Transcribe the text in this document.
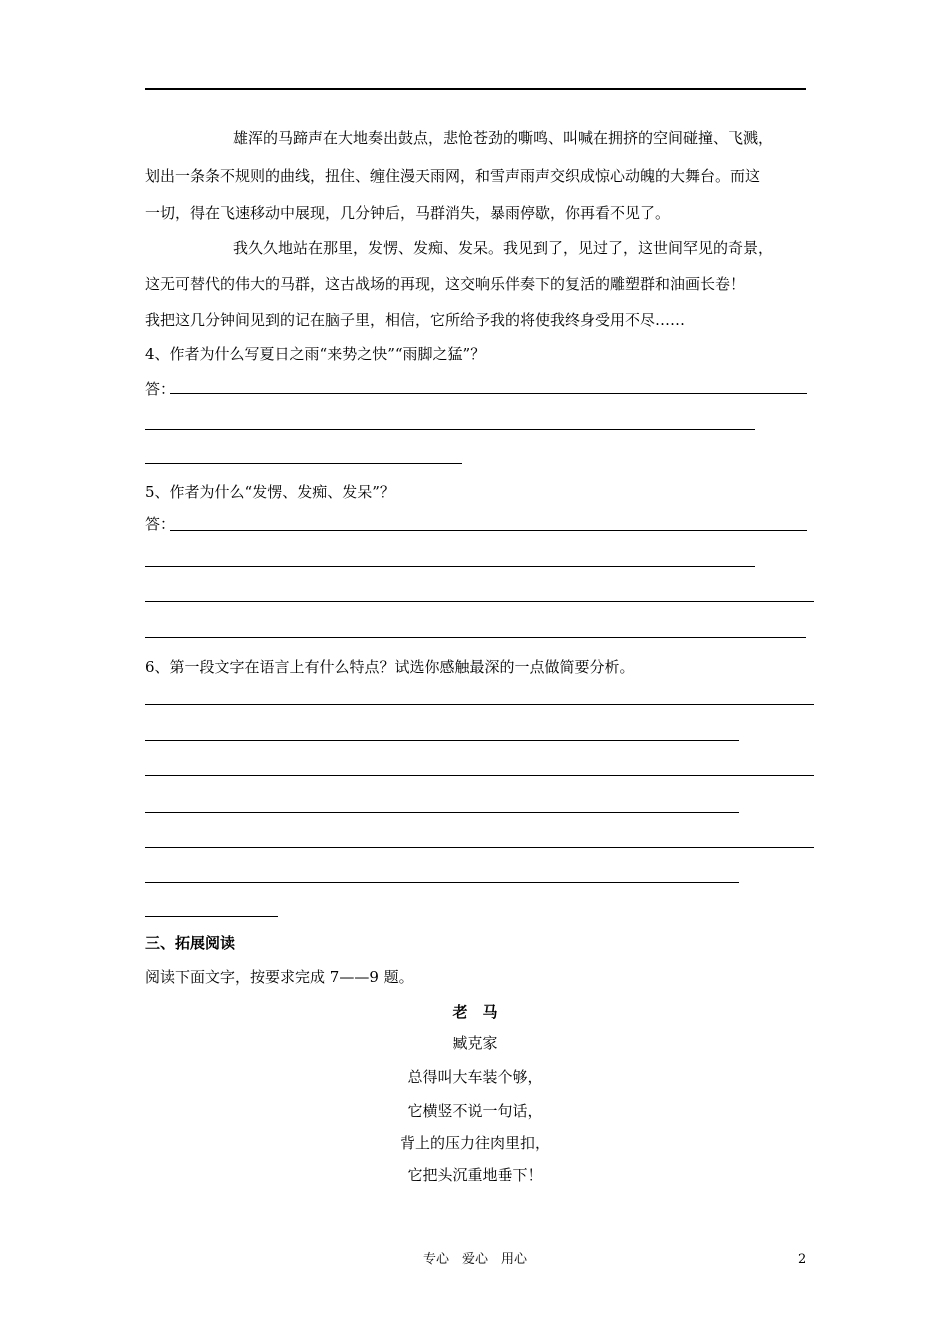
雄浑的马蹄声在大地奏出鼓点，悲怆苍劲的嘶鸣、叫喊在拥挤的空间碰撞、飞溅，
划出一条条不规则的曲线，扭住、缠住漫天雨网，和雪声雨声交织成惊心动魄的大舞台。而这
一切，得在飞速移动中展现，几分钟后，马群消失，暴雨停歇，你再看不见了。
我久久地站在那里，发愣、发痴、发呆。我见到了，见过了，这世间罕见的奇景，
这无可替代的伟大的马群，这古战场的再现，这交响乐伴奏下的复活的雕塑群和油画长卷！
我把这几分钟间见到的记在脑子里，相信，它所给予我的将使我终身受用不尽……
4、作者为什么写夏日之雨“来势之快”“雨脚之猛”？
答：
5、作者为什么“发愣、发痴、发呆”？
答：
6、第一段文字在语言上有什么特点？试选你感触最深的一点做简要分析。
三、拓展阅读
阅读下面文字，按要求完成 7——9 题。
老　马
臧克家
总得叫大车装个够，
它横竖不说一句话，
背上的压力往肉里扣，
它把头沉重地垂下！
专心　爱心　用心	2
